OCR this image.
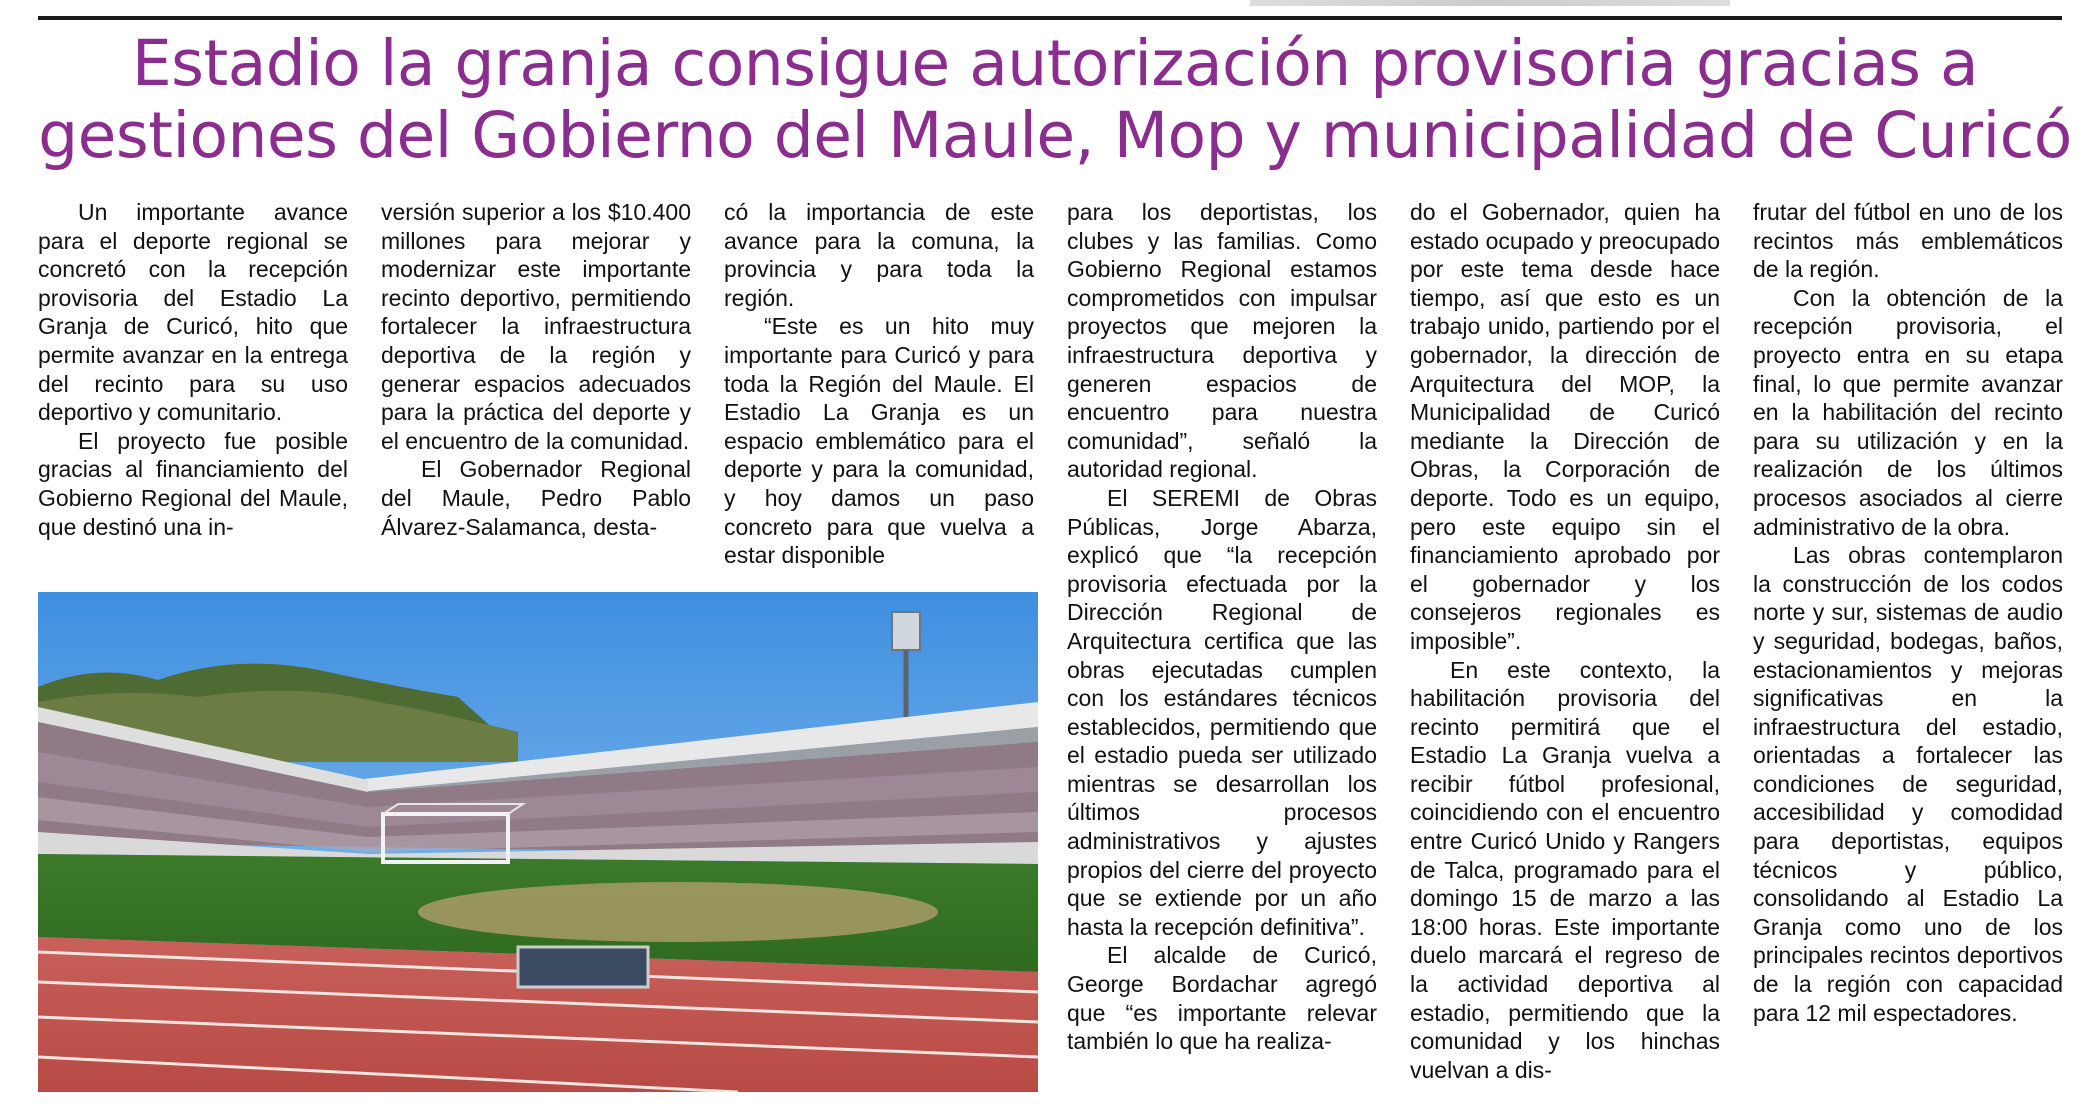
Estadio la granja consigue autorización provisoria gracias a
gestiones del Gobierno del Maule, Mop y municipalidad de Curicó

Un importante avance para el deporte regional se concretó con la recepción provisoria del Estadio La Granja de Curicó, hito que permite avanzar en la entrega del recinto para su uso deportivo y comunitario.

El proyecto fue posible gracias al financiamiento del Gobierno Regional del Maule, que destinó una in-

versión superior a los $10.400 millones para mejorar y modernizar este importante recinto deportivo, permitiendo fortalecer la infraestructura deportiva de la región y generar espacios adecuados para la práctica del deporte y el encuentro de la comunidad.

El Gobernador Regional del Maule, Pedro Pablo Álvarez-Salamanca, desta-

có la importancia de este avance para la comuna, la provincia y para toda la región.

“Este es un hito muy importante para Curicó y para toda la Región del Maule. El Estadio La Granja es un espacio emblemático para el deporte y para la comunidad, y hoy damos un paso concreto para que vuelva a estar disponible

para los deportistas, los clubes y las familias. Como Gobierno Regional estamos comprometidos con impulsar proyectos que mejoren la infraestructura deportiva y generen espacios de encuentro para nuestra comunidad”, señaló la autoridad regional.

El SEREMI de Obras Públicas, Jorge Abarza, explicó que “la recepción provisoria efectuada por la Dirección Regional de Arquitectura certifica que las obras ejecutadas cumplen con los estándares técnicos establecidos, permitiendo que el estadio pueda ser utilizado mientras se desarrollan los últimos procesos administrativos y ajustes propios del cierre del proyecto que se extiende por un año hasta la recepción definitiva”.

El alcalde de Curicó, George Bordachar agregó que “es importante relevar también lo que ha realiza-

do el Gobernador, quien ha estado ocupado y preocupado por este tema desde hace tiempo, así que esto es un trabajo unido, partiendo por el gobernador, la dirección de Arquitectura del MOP, la Municipalidad de Curicó mediante la Dirección de Obras, la Corporación de deporte. Todo es un equipo, pero este equipo sin el financiamiento aprobado por el gobernador y los consejeros regionales es imposible”.

En este contexto, la habilitación provisoria del recinto permitirá que el Estadio La Granja vuelva a recibir fútbol profesional, coincidiendo con el encuentro entre Curicó Unido y Rangers de Talca, programado para el domingo 15 de marzo a las 18:00 horas. Este importante duelo marcará el regreso de la actividad deportiva al estadio, permitiendo que la comunidad y los hinchas vuelvan a dis-

frutar del fútbol en uno de los recintos más emblemáticos de la región.

Con la obtención de la recepción provisoria, el proyecto entra en su etapa final, lo que permite avanzar en la habilitación del recinto para su utilización y en la realización de los últimos procesos asociados al cierre administrativo de la obra.

Las obras contemplaron la construcción de los codos norte y sur, sistemas de audio y seguridad, bodegas, baños, estacionamientos y mejoras significativas en la infraestructura del estadio, orientadas a fortalecer las condiciones de seguridad, accesibilidad y comodidad para deportistas, equipos técnicos y público, consolidando al Estadio La Granja como uno de los principales recintos deportivos de la región con capacidad para 12 mil espectadores.
